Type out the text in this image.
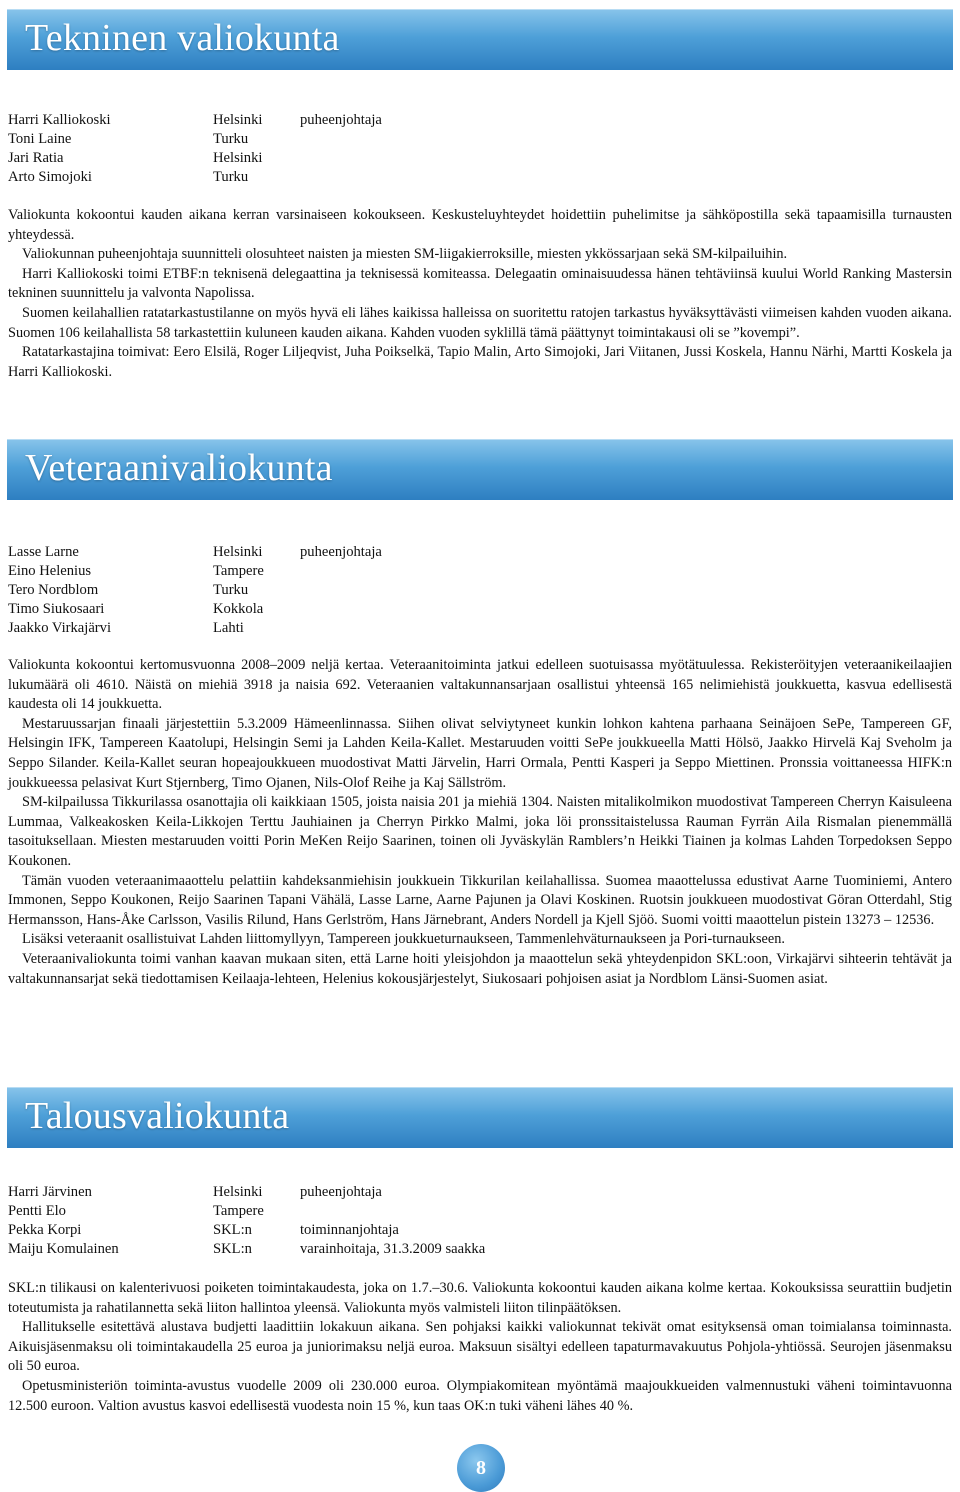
Tekninen valiokunta
Harri Kalliokoski	Helsinki	puheenjohtaja
Toni Laine	Turku
Jari Ratia	Helsinki
Arto Simojoki	Turku

Valiokunta kokoontui kauden aikana kerran varsinaiseen kokoukseen. Keskusteluyhteydet hoidettiin puhelimitse ja sähköpostilla sekä tapaamisilla turnausten yhteydessä.

Valiokunnan puheenjohtaja suunnitteli olosuhteet naisten ja miesten SM-liigakierroksille, miesten ykkössarjaan sekä SM-kilpailuihin.

Harri Kalliokoski toimi ETBF:n teknisenä delegaattina ja teknisessä komiteassa. Delegaatin ominaisuudessa hänen tehtäviinsä kuului World Ranking Mastersin tekninen suunnittelu ja valvonta Napolissa.

Suomen keilahallien ratatarkastustilanne on myös hyvä eli lähes kaikissa halleissa on suoritettu ratojen tarkastus hyväksyttävästi viimeisen kahden vuoden aikana. Suomen 106 keilahallista 58 tarkastettiin kuluneen kauden aikana. Kahden vuoden syklillä tämä päättynyt toimintakausi oli se ”kovempi”.

Ratatarkastajina toimivat: Eero Elsilä, Roger Liljeqvist, Juha Poikselkä, Tapio Malin, Arto Simojoki, Jari Viitanen, Jussi Koskela, Hannu Närhi, Martti Koskela ja Harri Kalliokoski.

Veteraanivaliokunta
Lasse Larne	Helsinki	puheenjohtaja
Eino Helenius	Tampere
Tero Nordblom	Turku
Timo Siukosaari	Kokkola
Jaakko Virkajärvi	Lahti

Valiokunta kokoontui kertomusvuonna 2008–2009 neljä kertaa. Veteraanitoiminta jatkui edelleen suotuisassa myötätuulessa. Rekisteröityjen veteraanikeilaajien lukumäärä oli 4610. Näistä on miehiä 3918 ja naisia 692. Veteraanien valtakunnansarjaan osallistui yhteensä 165 nelimiehistä joukkuetta, kasvua edellisestä kaudesta oli 14 joukkuetta.

Mestaruussarjan finaali järjestettiin 5.3.2009 Hämeenlinnassa. Siihen olivat selviytyneet kunkin lohkon kahtena parhaana Seinäjoen SePe, Tampereen GF, Helsingin IFK, Tampereen Kaatolupi, Helsingin Semi ja Lahden Keila-Kallet. Mestaruuden voitti SePe joukkueella Matti Hölsö, Jaakko Hirvelä Kaj Sveholm ja Seppo Silander. Keila-Kallet seuran hopeajoukkueen muodostivat Matti Järvelin, Harri Ormala, Pentti Kasperi ja Seppo Miettinen. Pronssia voittaneessa HIFK:n joukkueessa pelasivat Kurt Stjernberg, Timo Ojanen, Nils-Olof Reihe ja Kaj Sällström.

SM-kilpailussa Tikkurilassa osanottajia oli kaikkiaan 1505, joista naisia 201 ja miehiä 1304. Naisten mitalikolmikon muodostivat Tampereen Cherryn Kaisuleena Lummaa, Valkeakosken Keila-Likkojen Terttu Jauhiainen ja Cherryn Pirkko Malmi, joka löi pronssitaistelussa Rauman Fyrrän Aila Rismalan pienemmällä tasoituksellaan. Miesten mestaruuden voitti Porin MeKen Reijo Saarinen, toinen oli Jyväskylän Ramblers’n Heikki Tiainen ja kolmas Lahden Torpedoksen Seppo Koukonen.

Tämän vuoden veteraanimaaottelu pelattiin kahdeksanmiehisin joukkuein Tikkurilan keilahallissa. Suomea maaottelussa edustivat Aarne Tuominiemi, Antero Immonen, Seppo Koukonen, Reijo Saarinen Tapani Vähälä, Lasse Larne, Aarne Pajunen ja Olavi Koskinen. Ruotsin joukkueen muodostivat Göran Otterdahl, Stig Hermansson, Hans-Åke Carlsson, Vasilis Rilund, Hans Gerlström, Hans Järnebrant, Anders Nordell ja Kjell Sjöö. Suomi voitti maaottelun pistein 13273 – 12536.

Lisäksi veteraanit osallistuivat Lahden liittomyllyyn, Tampereen joukkueturnaukseen, Tammenlehväturnaukseen ja Pori-turnaukseen.

Veteraanivaliokunta toimi vanhan kaavan mukaan siten, että Larne hoiti yleisjohdon ja maaottelun sekä yhteydenpidon SKL:oon, Virkajärvi sihteerin tehtävät ja valtakunnansarjat sekä tiedottamisen Keilaaja-lehteen, Helenius kokousjärjestelyt, Siukosaari pohjoisen asiat ja Nordblom Länsi-Suomen asiat.

Talousvaliokunta
Harri Järvinen	Helsinki	puheenjohtaja
Pentti Elo	Tampere
Pekka Korpi	SKL:n	toiminnanjohtaja
Maiju Komulainen	SKL:n	varainhoitaja, 31.3.2009 saakka

SKL:n tilikausi on kalenterivuosi poiketen toimintakaudesta, joka on 1.7.–30.6. Valiokunta kokoontui kauden aikana kolme kertaa. Kokouksissa seurattiin budjetin toteutumista ja rahatilannetta sekä liiton hallintoa yleensä. Valiokunta myös valmisteli liiton tilinpäätöksen.

Hallitukselle esitettävä alustava budjetti laadittiin lokakuun aikana. Sen pohjaksi kaikki valiokunnat tekivät omat esityksensä oman toimialansa toiminnasta. Aikuisjäsenmaksu oli toimintakaudella 25 euroa ja juniorimaksu neljä euroa. Maksuun sisältyi edelleen tapaturmavakuutus Pohjola-yhtiössä. Seurojen jäsenmaksu oli 50 euroa.

Opetusministeriön toiminta-avustus vuodelle 2009 oli 230.000 euroa. Olympiakomitean myöntämä maajoukkueiden valmennustuki väheni toimintavuonna 12.500 euroon. Valtion avustus kasvoi edellisestä vuodesta noin 15 %, kun taas OK:n tuki väheni lähes 40 %.

8
